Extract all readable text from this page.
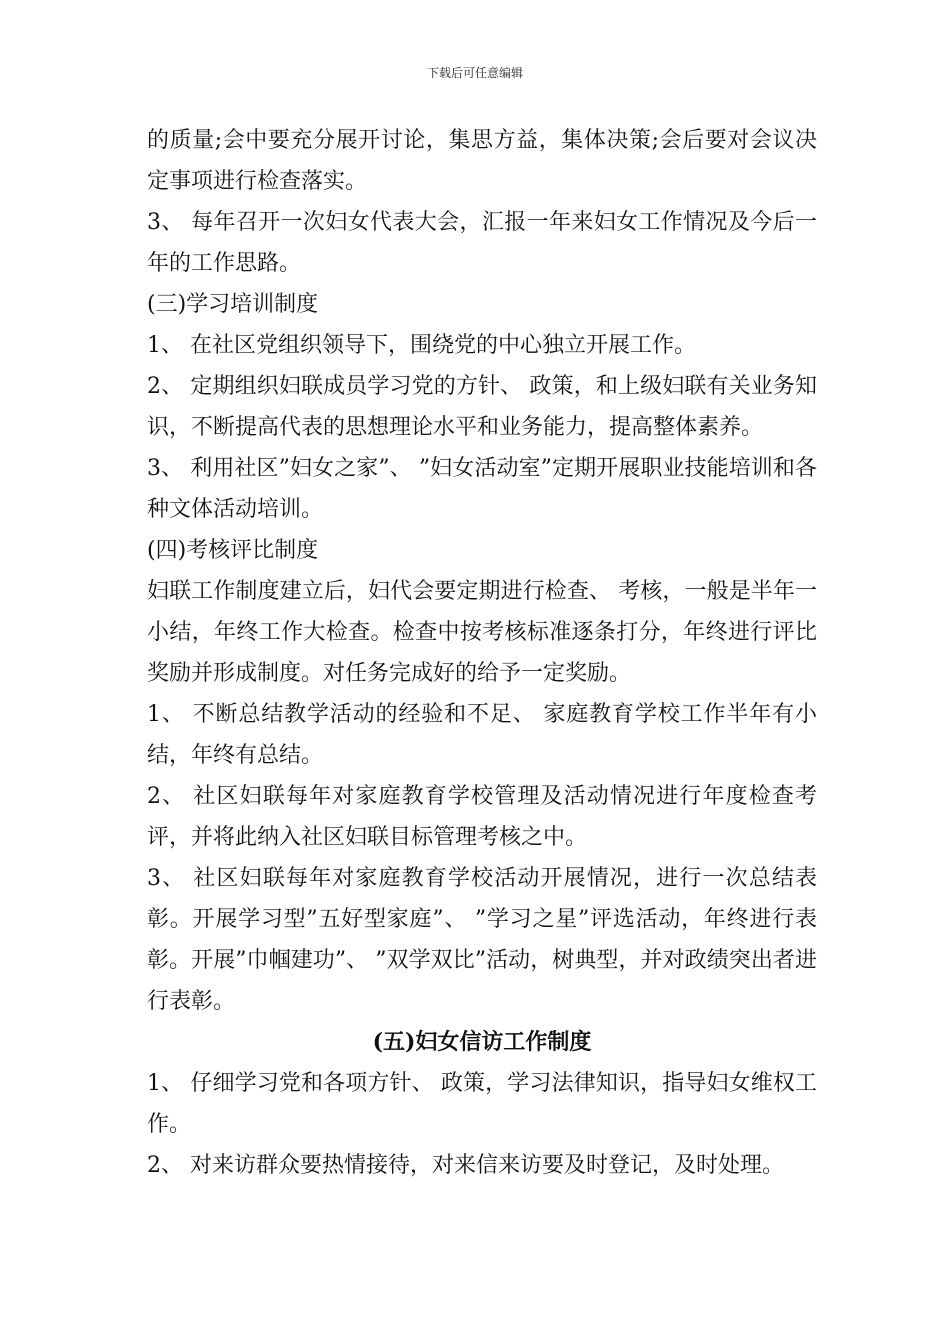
下载后可任意编辑

的质量;会中要充分展开讨论，集思方益，集体决策;会后要对会议决定事项进行检查落实。

3、 每年召开一次妇女代表大会，汇报一年来妇女工作情况及今后一年的工作思路。

(三)学习培训制度

1、 在社区党组织领导下，围绕党的中心独立开展工作。

2、 定期组织妇联成员学习党的方针、 政策，和上级妇联有关业务知识，不断提高代表的思想理论水平和业务能力，提高整体素养。

3、 利用社区”妇女之家”、 ”妇女活动室”定期开展职业技能培训和各种文体活动培训。

(四)考核评比制度

妇联工作制度建立后，妇代会要定期进行检查、 考核，一般是半年一小结，年终工作大检查。检查中按考核标准逐条打分，年终进行评比奖励并形成制度。对任务完成好的给予一定奖励。

1、 不断总结教学活动的经验和不足、 家庭教育学校工作半年有小结，年终有总结。

2、 社区妇联每年对家庭教育学校管理及活动情况进行年度检查考评，并将此纳入社区妇联目标管理考核之中。

3、 社区妇联每年对家庭教育学校活动开展情况，进行一次总结表彰。开展学习型”五好型家庭”、 ”学习之星”评选活动，年终进行表彰。开展”巾帼建功”、 ”双学双比”活动，树典型，并对政绩突出者进行表彰。

(五)妇女信访工作制度

1、 仔细学习党和各项方针、 政策，学习法律知识，指导妇女维权工作。

2、 对来访群众要热情接待，对来信来访要及时登记，及时处理。
